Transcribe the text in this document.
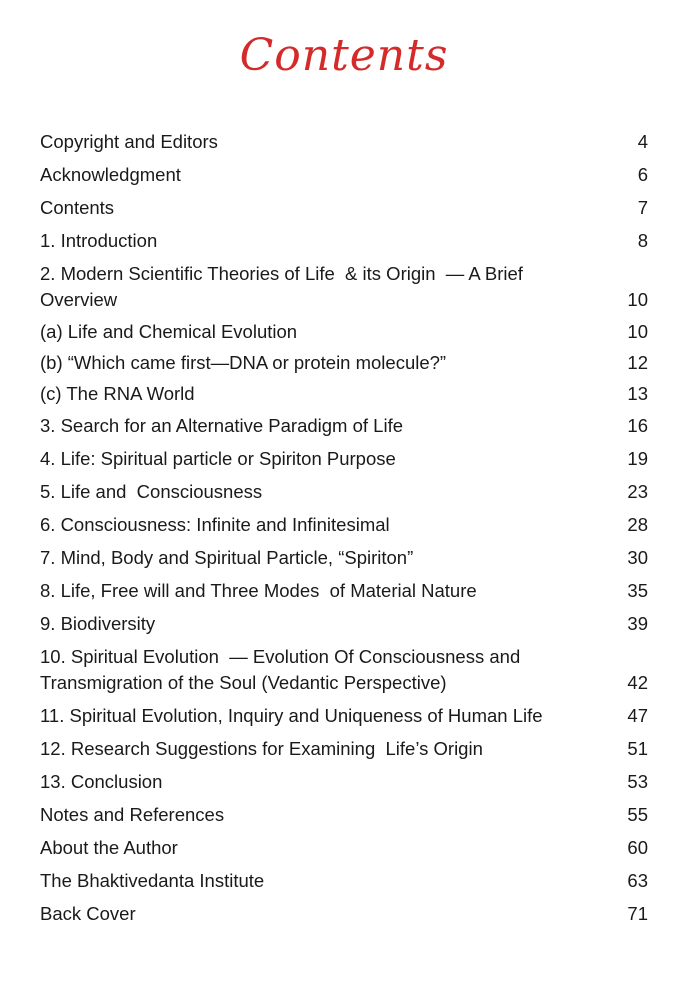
Contents
Copyright and Editors	4
Acknowledgment	6
Contents	7
1. Introduction	8
2. Modern Scientific Theories of Life  & its Origin  — A Brief Overview	10
(a) Life and Chemical Evolution	10
(b) “Which came first—DNA or protein molecule?”	12
(c) The RNA World	13
3. Search for an Alternative Paradigm of Life	16
4. Life: Spiritual particle or Spiriton Purpose	19
5. Life and  Consciousness	23
6. Consciousness: Infinite and Infinitesimal	28
7. Mind, Body and Spiritual Particle, “Spiriton”	30
8. Life, Free will and Three Modes  of Material Nature	35
9. Biodiversity	39
10. Spiritual Evolution  — Evolution Of Consciousness and Transmigration of the Soul (Vedantic Perspective)	42
11. Spiritual Evolution, Inquiry and Uniqueness of Human Life	47
12. Research Suggestions for Examining  Life’s Origin	51
13. Conclusion	53
Notes and References	55
About the Author	60
The Bhaktivedanta Institute	63
Back Cover	71
